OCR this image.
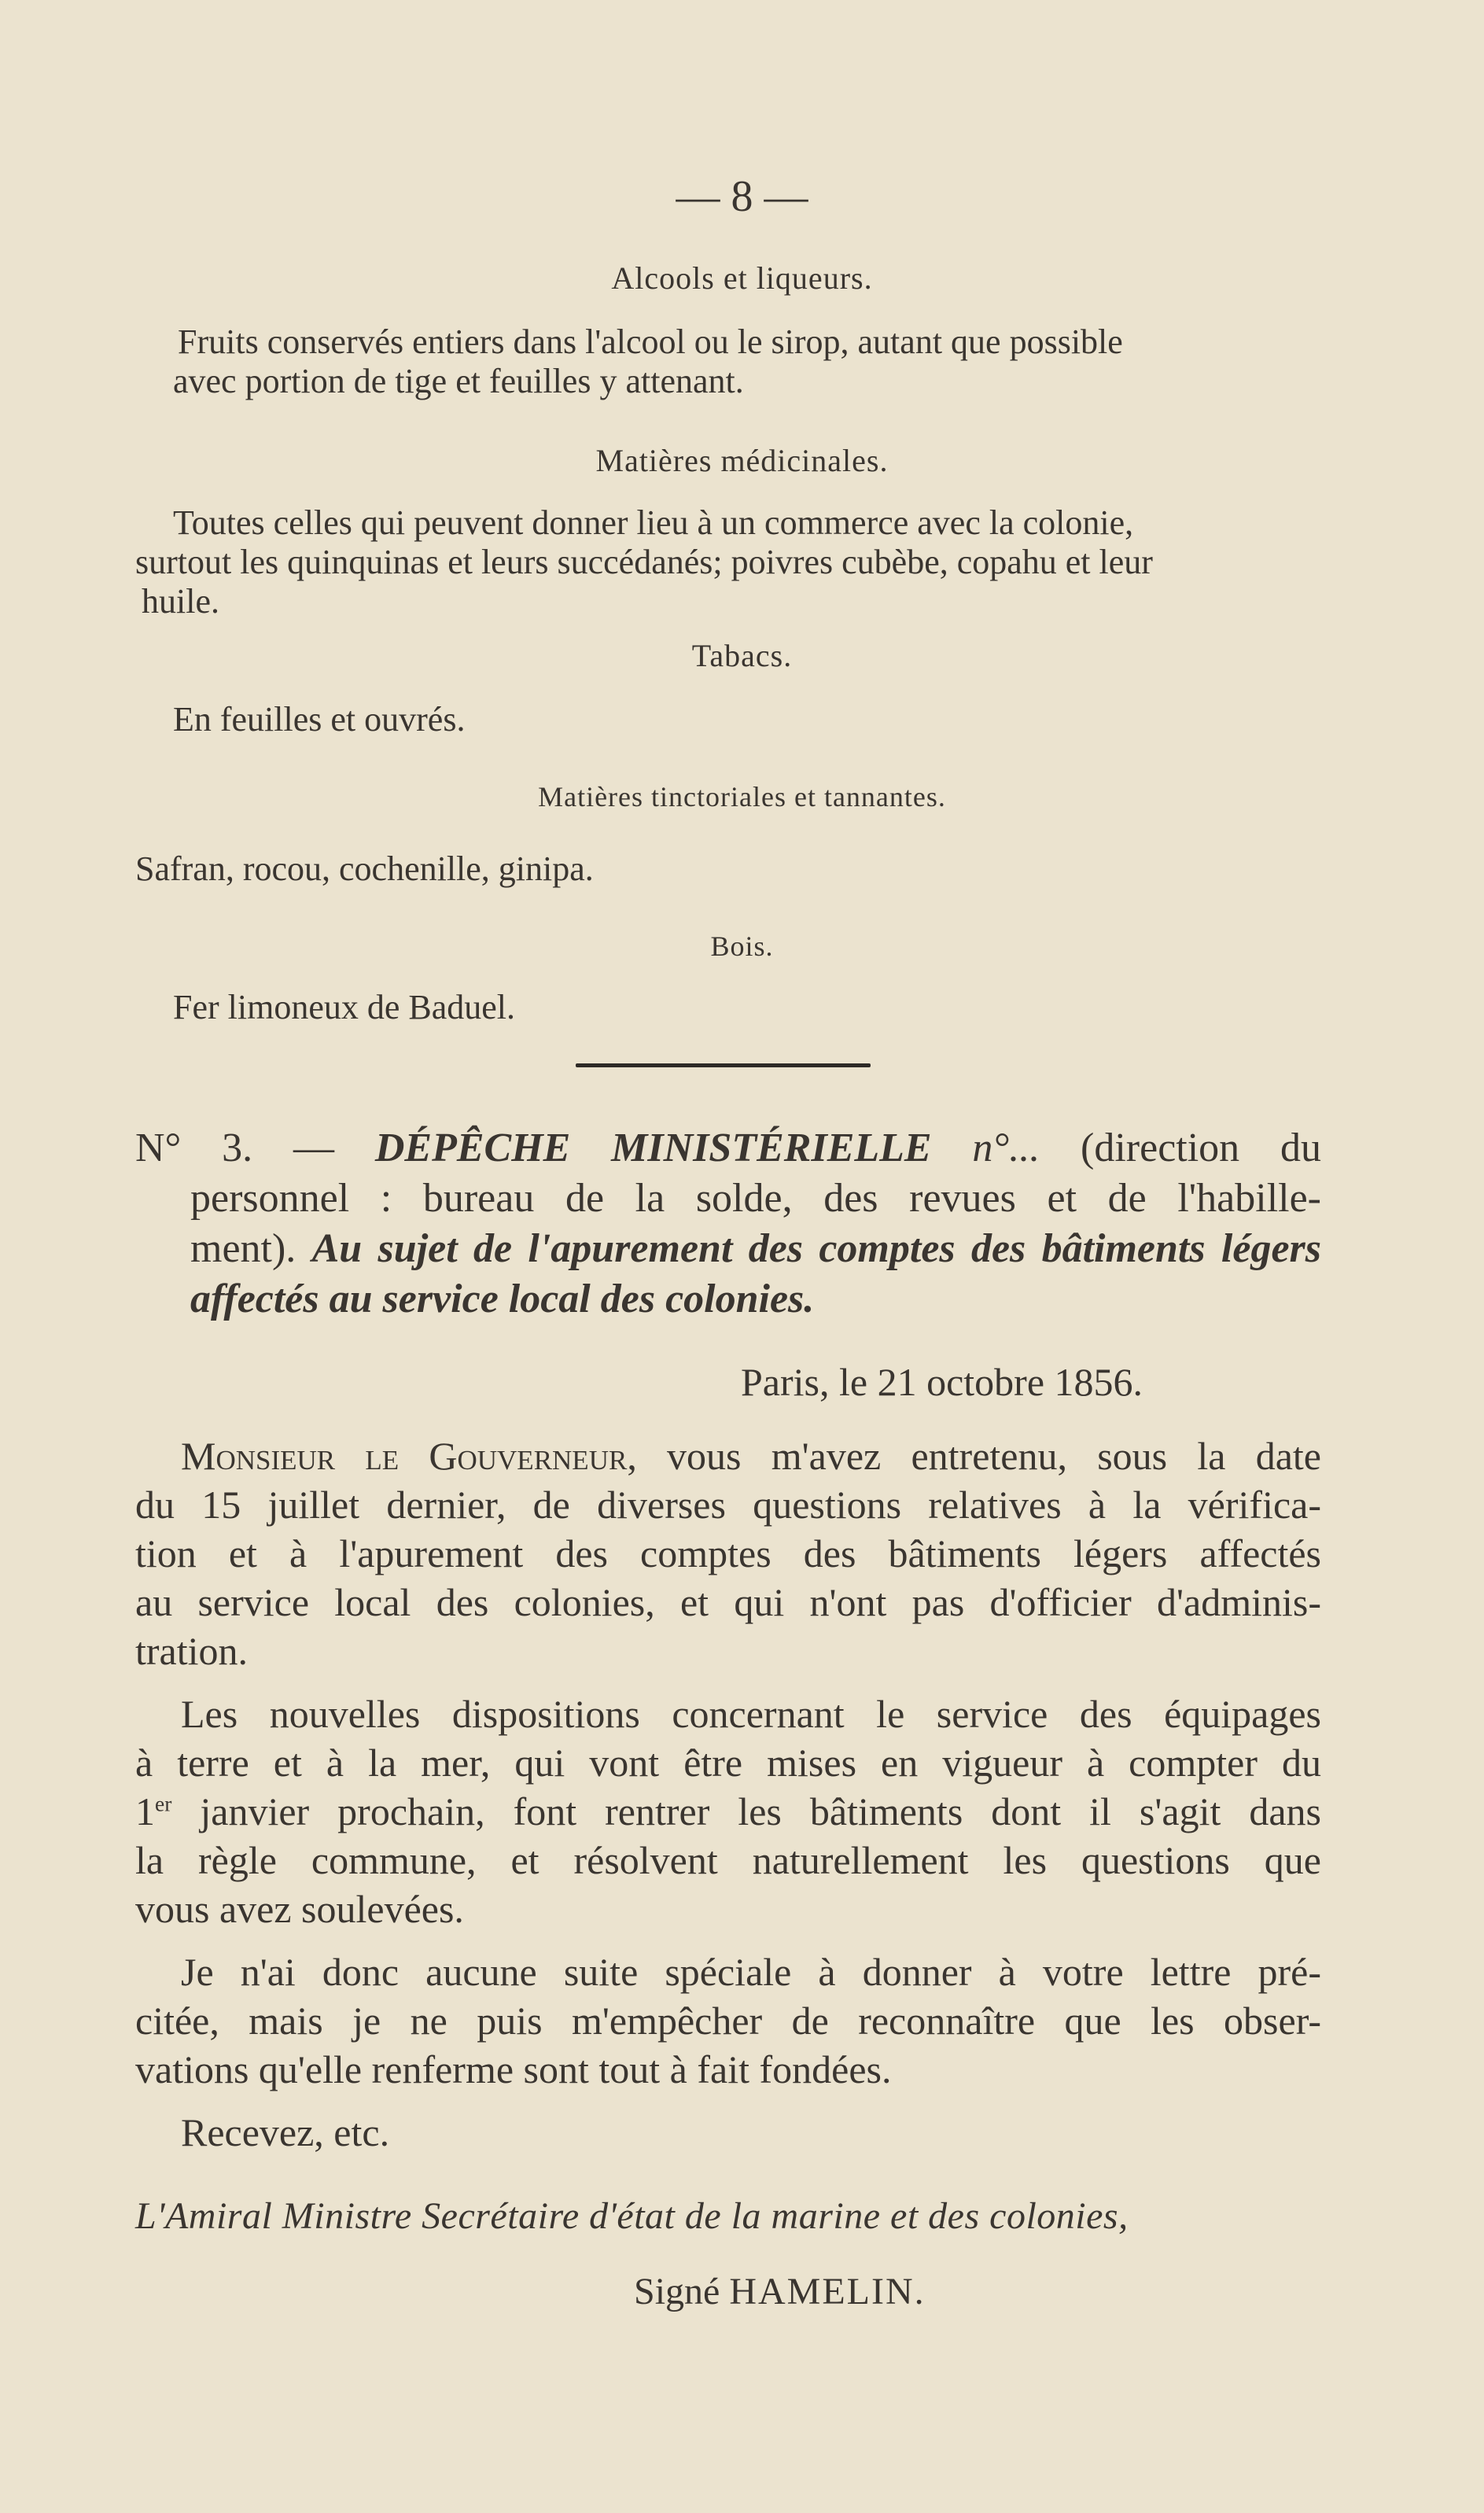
— 8 —
Alcools et liqueurs.
Fruits conservés entiers dans l'alcool ou le sirop, autant que possible
avec portion de tige et feuilles y attenant.
Matières médicinales.
Toutes celles qui peuvent donner lieu à un commerce avec la colonie,
surtout les quinquinas et leurs succédanés; poivres cubèbe, copahu et leur
huile.
Tabacs.
En feuilles et ouvrés.
Matières tinctoriales et tannantes.
Safran, rocou, cochenille, ginipa.
Bois.
Fer limoneux de Baduel.
N° 3. — DÉPÊCHE MINISTÉRIELLE n°... (direction du
personnel : bureau de la solde, des revues et de l'habille-
ment). Au sujet de l'apurement des comptes des bâtiments légers
affectés au service local des colonies.
Paris, le 21 octobre 1856.
Monsieur le Gouverneur, vous m'avez entretenu, sous la date
du 15 juillet dernier, de diverses questions relatives à la vérifica-
tion et à l'apurement des comptes des bâtiments légers affectés
au service local des colonies, et qui n'ont pas d'officier d'adminis-
tration.
Les nouvelles dispositions concernant le service des équipages
à terre et à la mer, qui vont être mises en vigueur à compter du
1er janvier prochain, font rentrer les bâtiments dont il s'agit dans
la règle commune, et résolvent naturellement les questions que
vous avez soulevées.
Je n'ai donc aucune suite spéciale à donner à votre lettre pré-
citée, mais je ne puis m'empêcher de reconnaître que les obser-
vations qu'elle renferme sont tout à fait fondées.
Recevez, etc.
L'Amiral Ministre Secrétaire d'état de la marine et des colonies,
Signé HAMELIN.
